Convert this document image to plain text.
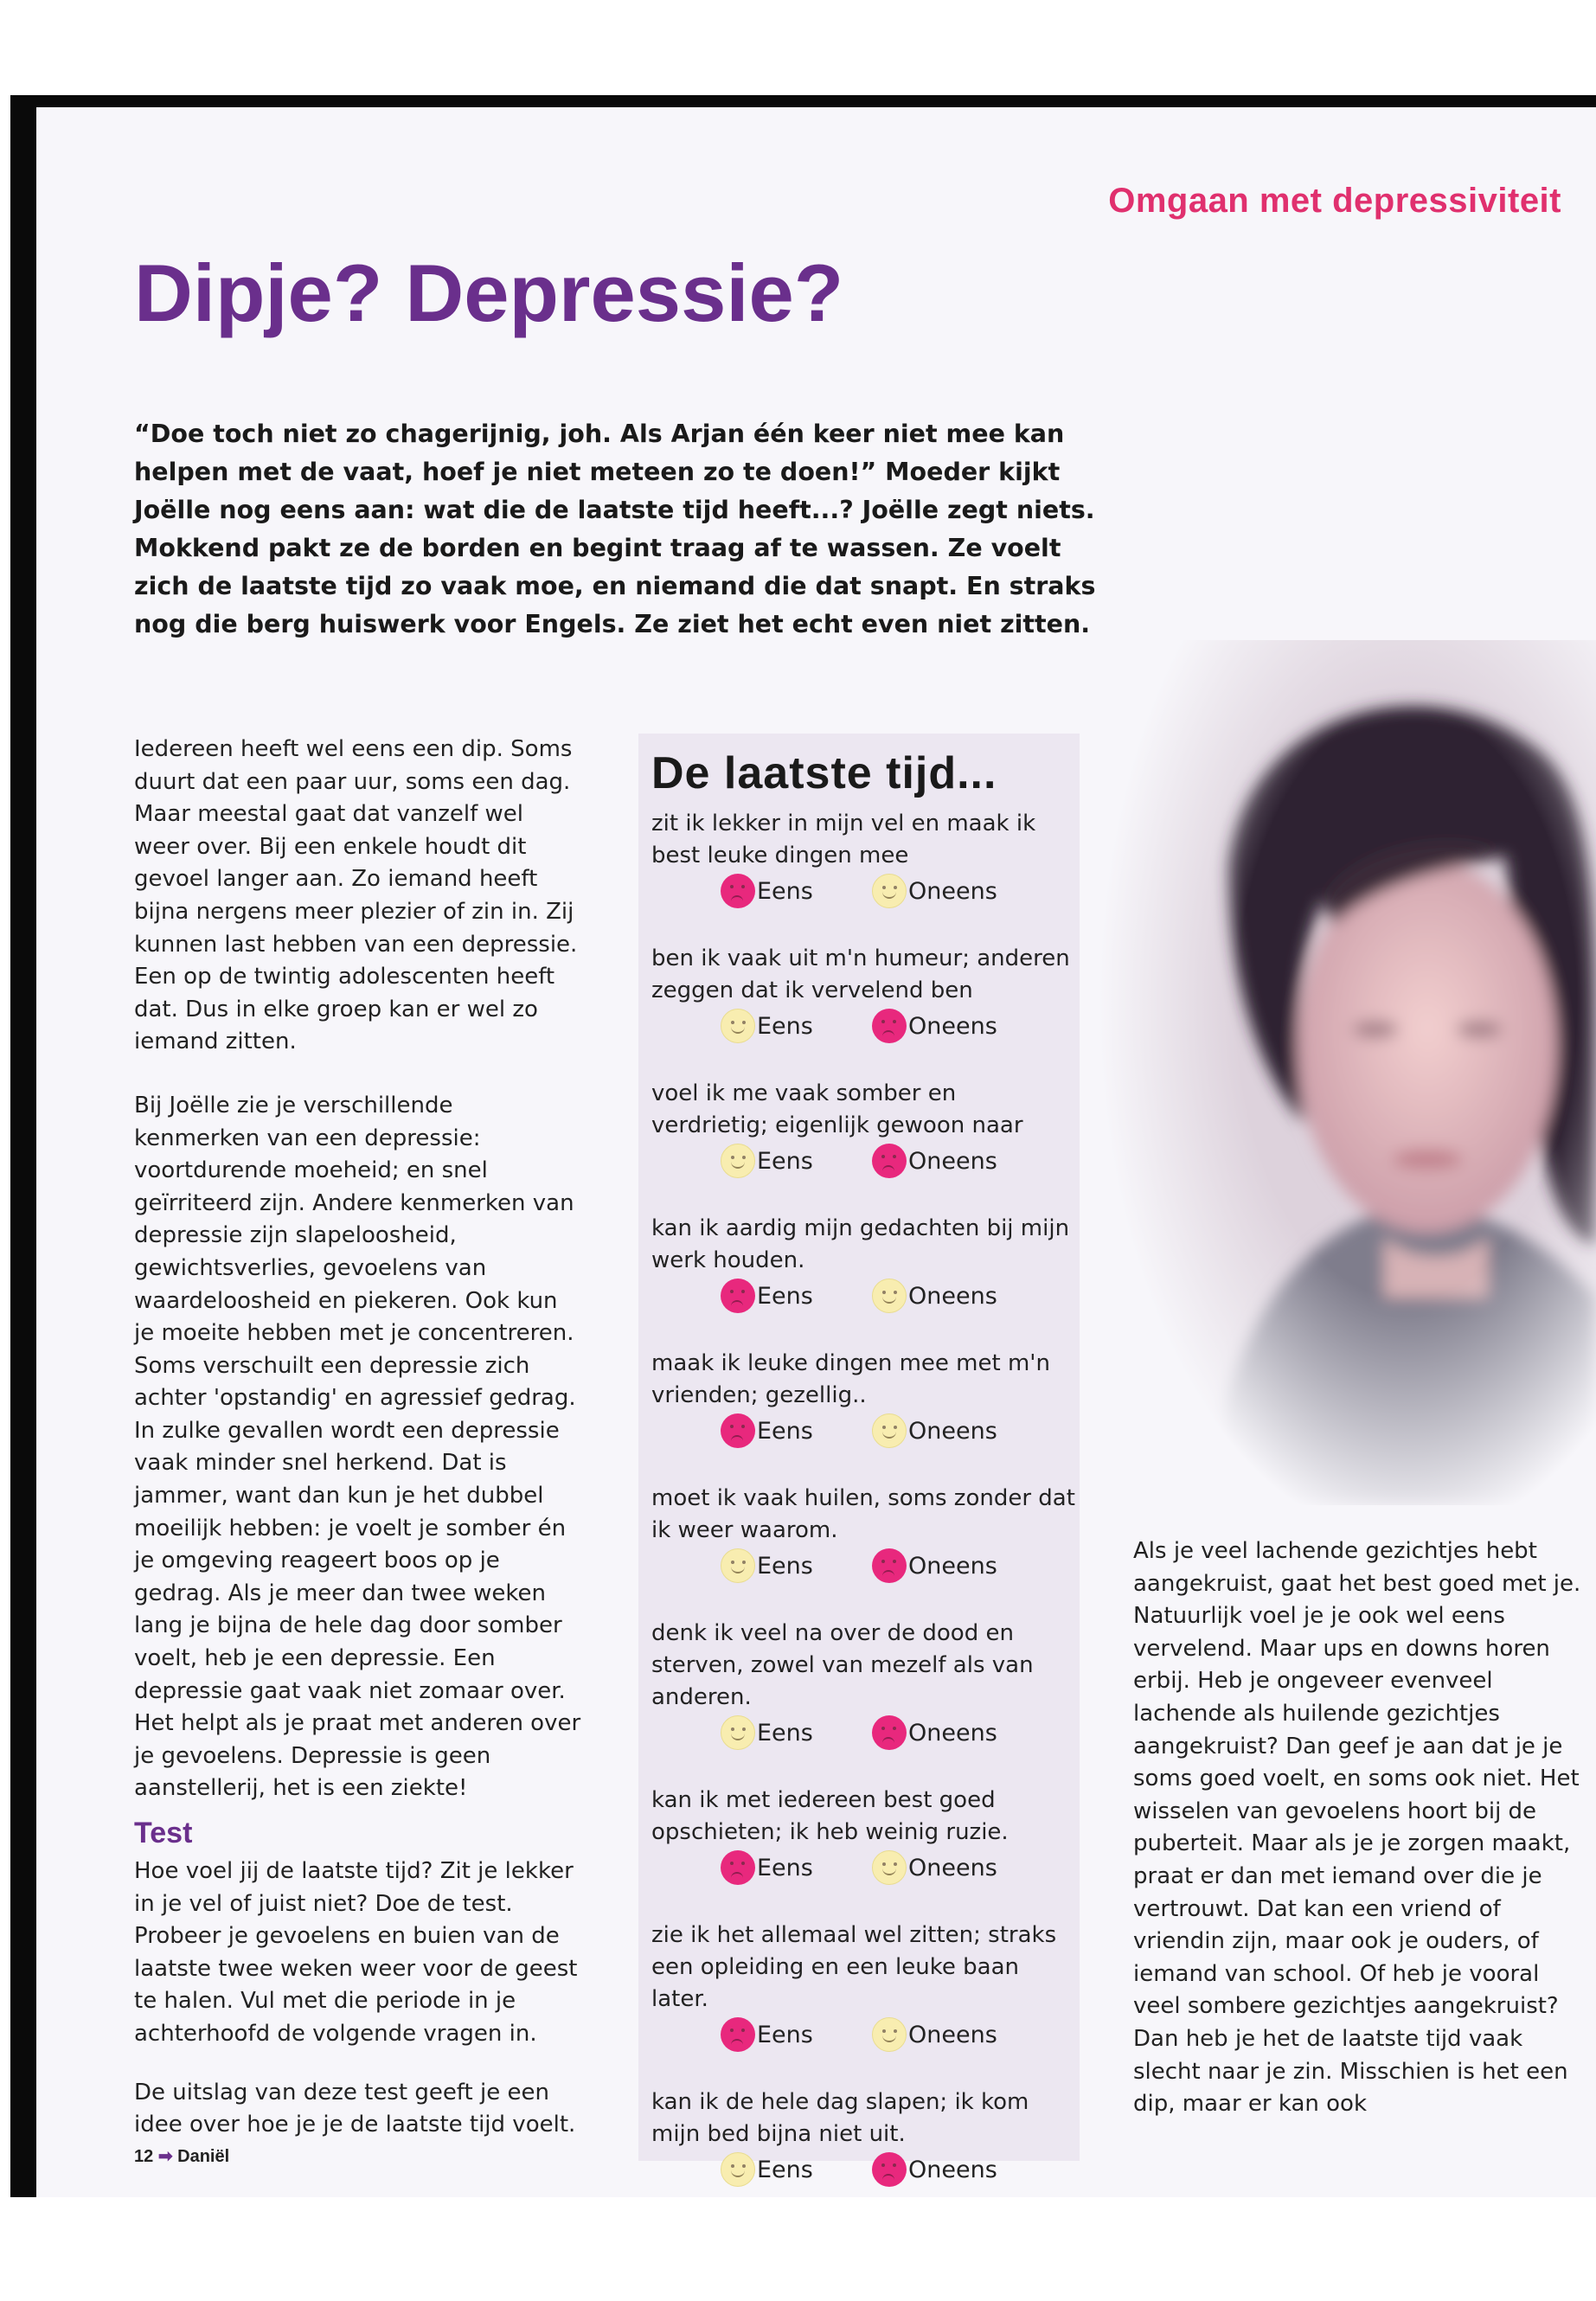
Omgaan met depressiviteit
Dipje? Depressie?

“Doe toch niet zo chagerijnig, joh. Als Arjan één keer niet mee kan helpen met de vaat, hoef je niet meteen zo te doen!” Moeder kijkt Joëlle nog eens aan: wat die de laatste tijd heeft...? Joëlle zegt niets. Mokkend pakt ze de borden en begint traag af te wassen. Ze voelt zich de laatste tijd zo vaak moe, en niemand die dat snapt. En straks nog die berg huiswerk voor Engels. Ze ziet het echt even niet zitten.

Iedereen heeft wel eens een dip. Soms duurt dat een paar uur, soms een dag. Maar meestal gaat dat vanzelf wel weer over. Bij een enkele houdt dit gevoel langer aan. Zo iemand heeft bijna nergens meer plezier of zin in. Zij kunnen last hebben van een depressie. Een op de twintig adolescenten heeft dat. Dus in elke groep kan er wel zo iemand zitten.

Bij Joëlle zie je verschillende kenmerken van een depressie: voortdurende moeheid; en snel geïrriteerd zijn. Andere kenmerken van depressie zijn slapeloosheid, gewichtsverlies, gevoelens van waardeloosheid en piekeren. Ook kun je moeite hebben met je concentreren. Soms verschuilt een depressie zich achter 'opstandig' en agressief gedrag. In zulke gevallen wordt een depressie vaak minder snel herkend. Dat is jammer, want dan kun je het dubbel moeilijk hebben: je voelt je somber én je omgeving reageert boos op je gedrag. Als je meer dan twee weken lang je bijna de hele dag door somber voelt, heb je een depressie. Een depressie gaat vaak niet zomaar over. Het helpt als je praat met anderen over je gevoelens. Depressie is geen aanstellerij, het is een ziekte!

Test

Hoe voel jij de laatste tijd? Zit je lekker in je vel of juist niet? Doe de test. Probeer je gevoelens en buien van de laatste twee weken weer voor de geest te halen. Vul met die periode in je achterhoofd de volgende vragen in.

De uitslag van deze test geeft je een idee over hoe je je de laatste tijd voelt.

12 ➡ Daniël
De laatste tijd...
zit ik lekker in mijn vel en maak ik best leuke dingen mee
Eens	Oneens
ben ik vaak uit m'n humeur; anderen zeggen dat ik vervelend ben
Eens	Oneens
voel ik me vaak somber en verdrietig; eigenlijk gewoon naar
Eens	Oneens
kan ik aardig mijn gedachten bij mijn werk houden.
Eens	Oneens
maak ik leuke dingen mee met m'n vrienden; gezellig..
Eens	Oneens
moet ik vaak huilen, soms zonder dat ik weer waarom.
Eens	Oneens
denk ik veel na over de dood en sterven, zowel van mezelf als van anderen.
Eens	Oneens
kan ik met iedereen best goed opschieten; ik heb weinig ruzie.
Eens	Oneens
zie ik het allemaal wel zitten; straks een opleiding en een leuke baan later.
Eens	Oneens
kan ik de hele dag slapen; ik kom mijn bed bijna niet uit.
Eens	Oneens

Als je veel lachende gezichtjes hebt aangekruist, gaat het best goed met je. Natuurlijk voel je je ook wel eens vervelend. Maar ups en downs horen erbij. Heb je ongeveer evenveel lachende als huilende gezichtjes aangekruist? Dan geef je aan dat je je soms goed voelt, en soms ook niet. Het wisselen van gevoelens hoort bij de puberteit. Maar als je je zorgen maakt, praat er dan met iemand over die je vertrouwt. Dat kan een vriend of vriendin zijn, maar ook je ouders, of iemand van school. Of heb je vooral veel sombere gezichtjes aangekruist? Dan heb je het de laatste tijd vaak slecht naar je zin. Misschien is het een dip, maar er kan ook
